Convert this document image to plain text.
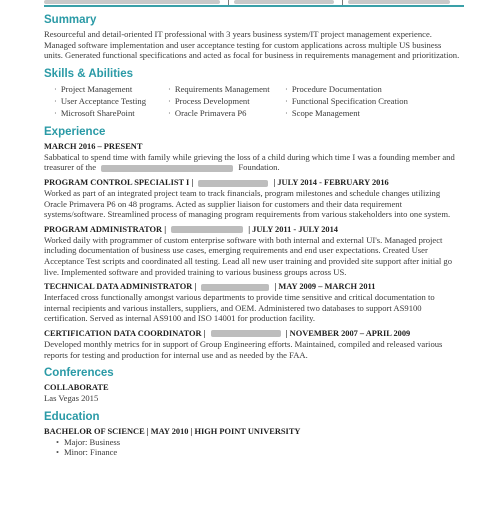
Summary

Resourceful and detail-oriented IT professional with 3 years business system/IT project management experience. Managed software implementation and user acceptance testing for custom applications across multiple US business units. Generated functional specifications and acted as focal for business in requirements management and prioritization.

Skills & Abilities
· Project Management	· Requirements Management	· Procedure Documentation
· User Acceptance Testing	· Process Development	· Functional Specification Creation
· Microsoft SharePoint	· Oracle Primavera P6	· Scope Management
Experience
MARCH 2016 – PRESENT

Sabbatical to spend time with family while grieving the loss of a child during which time I was a founding member and treasurer of the	Foundation.

PROGRAM CONTROL SPECIALIST I |	| JULY 2014 - FEBRUARY 2016

Worked as part of an integrated project team to track financials, program milestones and schedule changes utilizing Oracle Primavera P6 on 48 programs. Acted as supplier liaison for customers and their data requirement systems/software. Streamlined process of managing program requirements from various stakeholders into one system.

PROGRAM ADMINISTRATOR |	| JULY 2011 - JULY 2014

Worked daily with programmer of custom enterprise software with both internal and external UI's. Managed project including documentation of business use cases, emerging requirements and end user expectations. Created User Acceptance Test scripts and coordinated all testing. Lead all new user training and provided site support after initial go live. Implemented software and provided training to various business groups across US.

TECHNICAL DATA ADMINISTRATOR |	| MAY 2009 – MARCH 2011

Interfaced cross functionally amongst various departments to provide time sensitive and critical documentation to internal recipients and various installers, suppliers, and OEM. Administered two databases to support AS9100 certification. Served as internal AS9100 and ISO 14001 for production facility.

CERTIFICATION DATA COORDINATOR |	| NOVEMBER 2007 – APRIL 2009

Developed monthly metrics for in support of Group Engineering efforts. Maintained, compiled and released various reports for testing and production for internal use and as needed by the FAA.

Conferences
COLLABORATE

Las Vegas 2015

Education
BACHELOR OF SCIENCE | MAY 2010 | HIGH POINT UNIVERSITY
• Major: Business
• Minor: Finance
